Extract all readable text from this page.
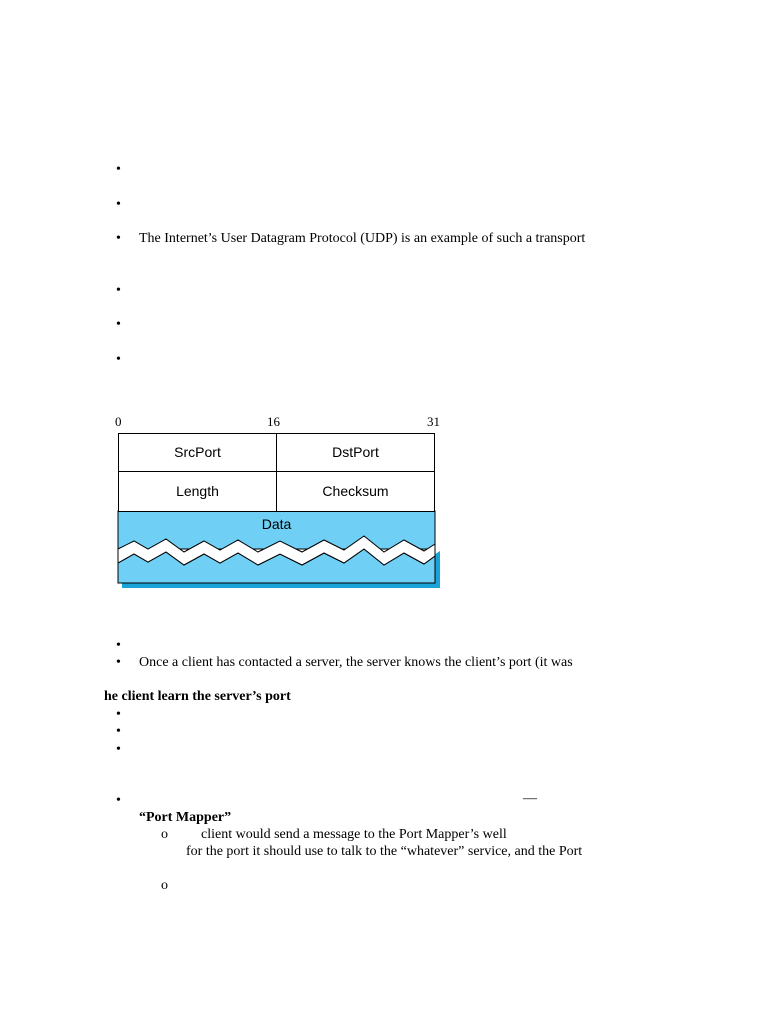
•
•
• The Internet’s User Datagram Protocol (UDP) is an example of such a transport
•
•
•
0	16	31
Data
SrcPort	DstPort
Length	Checksum
•
• Once a client has contacted a server, the server knows the client’s port (it was
he client learn the server’s port
•
•
•
•	—
“Port Mapper”
o client would send a message to the Port Mapper’s well
for the port it should use to talk to the “whatever” service, and the Port
o
